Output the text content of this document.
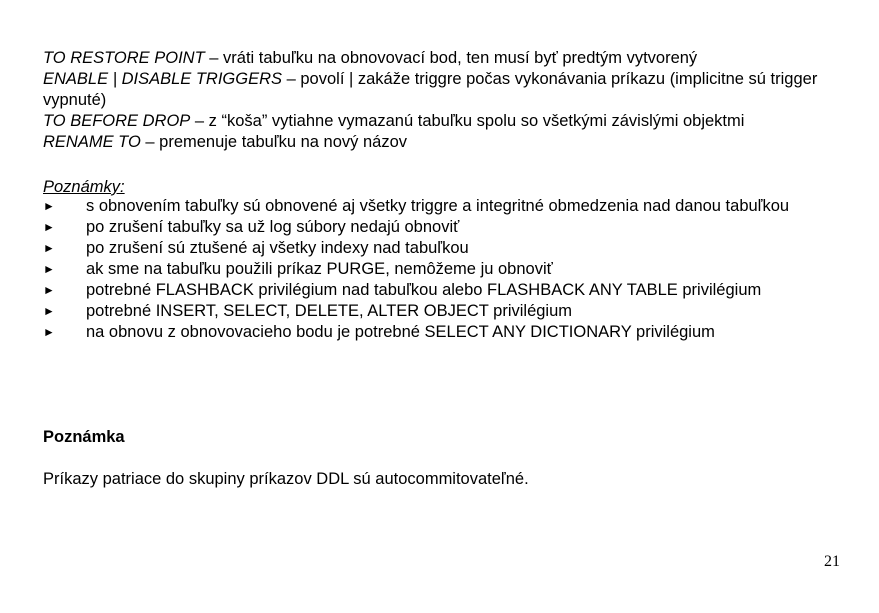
TO RESTORE POINT – vráti tabuľku na obnovovací bod, ten musí byť predtým vytvorený

ENABLE | DISABLE TRIGGERS – povolí | zakáže triggre počas vykonávania príkazu (implicitne sú trigger vypnuté)

TO BEFORE DROP – z “koša” vytiahne vymazanú tabuľku spolu so všetkými závislými objektmi

RENAME TO – premenuje tabuľku na nový názov

Poznámky:
► s obnovením tabuľky sú obnovené aj všetky triggre a integritné obmedzenia nad danou tabuľkou
► po zrušení tabuľky sa už log súbory nedajú obnoviť
► po zrušení sú ztušené aj všetky indexy nad tabuľkou
► ak sme na tabuľku použili príkaz PURGE, nemôžeme ju obnoviť
► potrebné FLASHBACK privilégium nad tabuľkou alebo FLASHBACK ANY TABLE privilégium
► potrebné INSERT, SELECT, DELETE, ALTER OBJECT privilégium
► na obnovu z obnovovacieho bodu je potrebné SELECT ANY DICTIONARY privilégium
Poznámka
Príkazy patriace do skupiny príkazov DDL sú autocommitovateľné.
21
